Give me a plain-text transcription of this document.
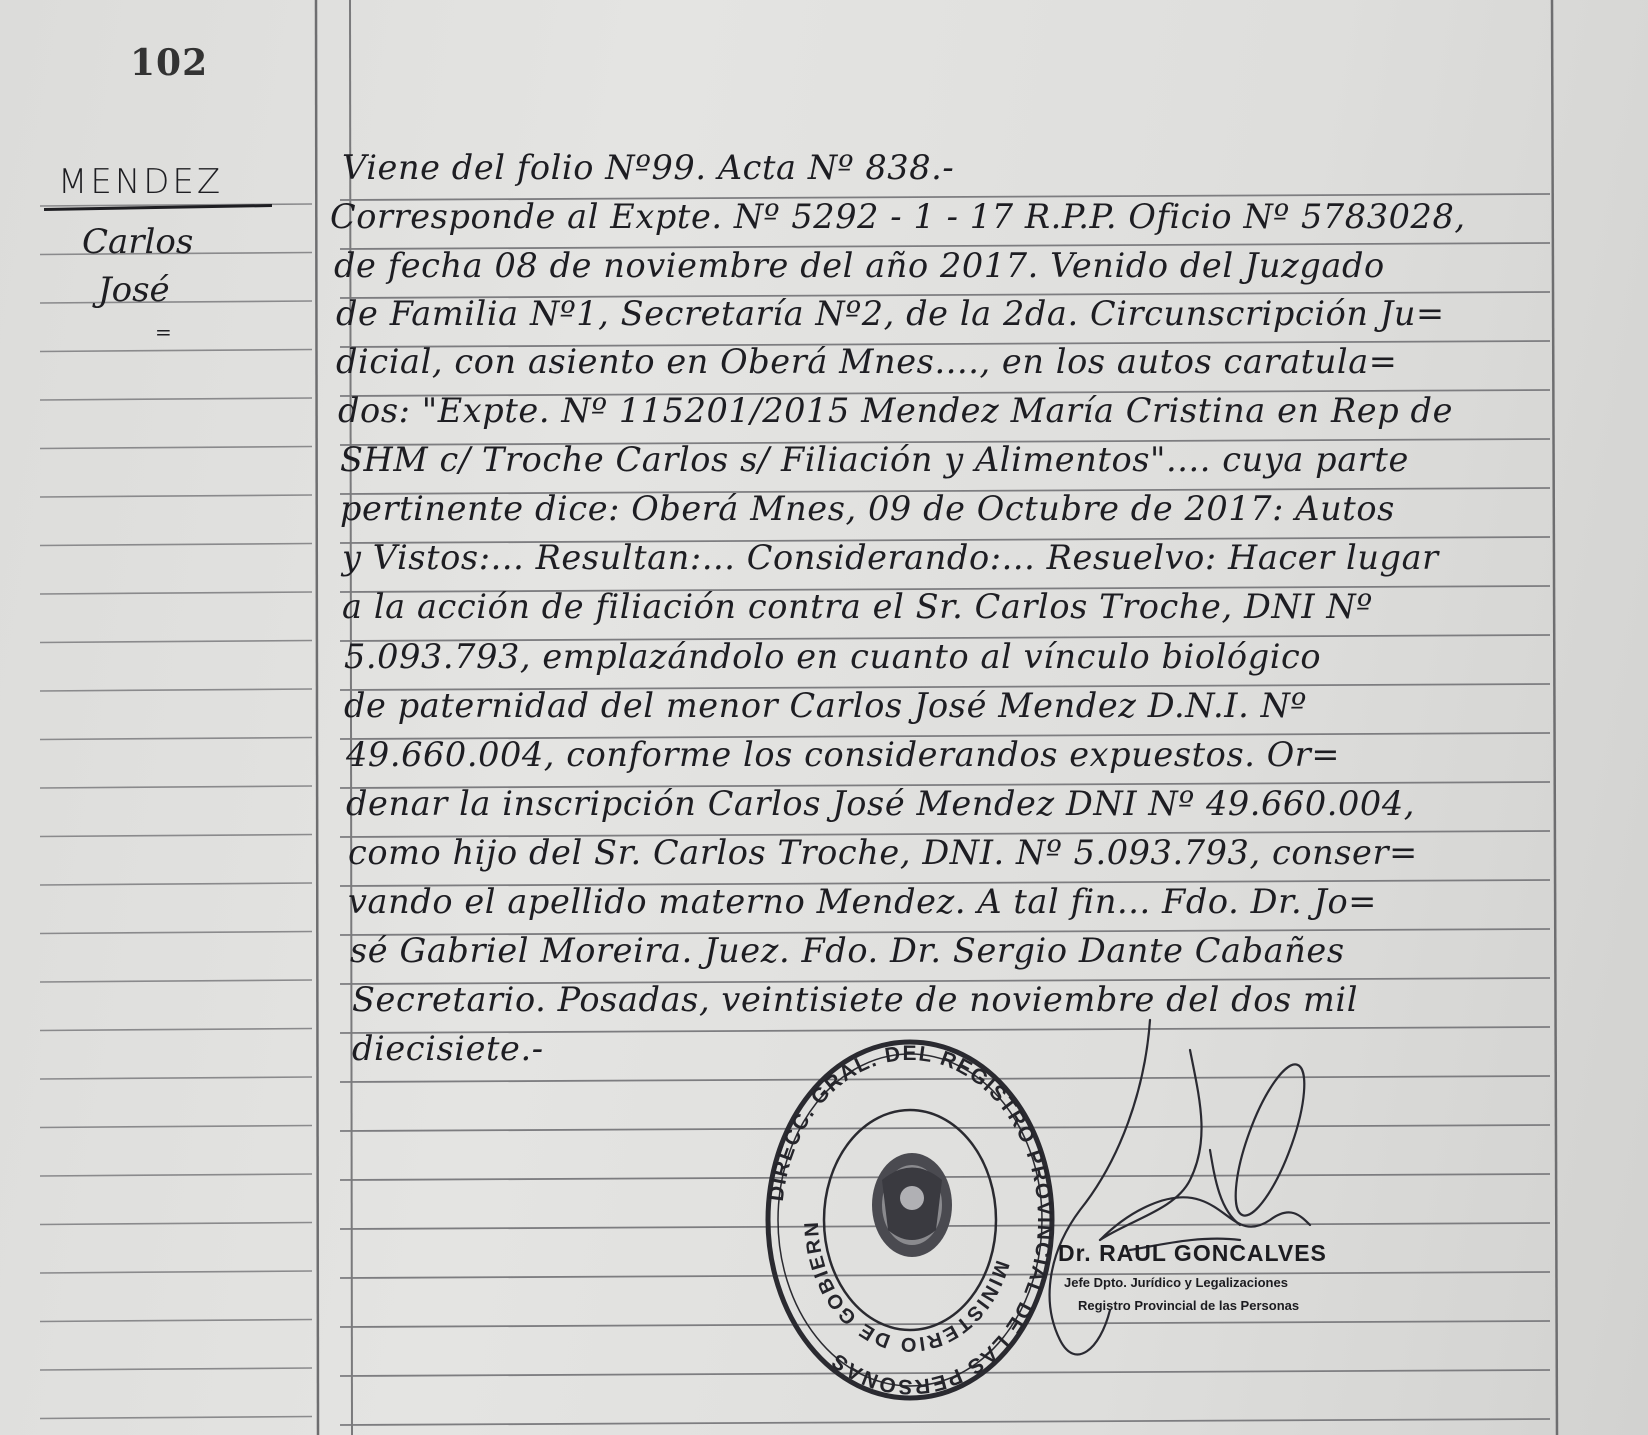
102
MENDEZ
Carlos
José
=
Viene del folio Nº99. Acta Nº 838.-
Corresponde al Expte. Nº 5292 - 1 - 17 R.P.P. Oficio Nº 5783028,
de fecha 08 de noviembre del año 2017. Venido del Juzgado
de Familia Nº1, Secretaría Nº2, de la 2da. Circunscripción Ju=
dicial, con asiento en Oberá Mnes...., en los autos caratula=
dos: "Expte. Nº 115201/2015 Mendez María Cristina en Rep de
SHM c/ Troche Carlos s/ Filiación y Alimentos".... cuya parte
pertinente dice: Oberá Mnes, 09 de Octubre de 2017: Autos
y Vistos:... Resultan:... Considerando:... Resuelvo: Hacer lugar
a la acción de filiación contra el Sr. Carlos Troche, DNI Nº
5.093.793, emplazándolo en cuanto al vínculo biológico
de paternidad del menor Carlos José Mendez D.N.I. Nº
49.660.004, conforme los considerandos expuestos. Or=
denar la inscripción Carlos José Mendez DNI Nº 49.660.004,
como hijo del Sr. Carlos Troche, DNI. Nº 5.093.793, conser=
vando el apellido materno Mendez. A tal fin... Fdo. Dr. Jo=
sé Gabriel Moreira. Juez. Fdo. Dr. Sergio Dante Cabañes
Secretario. Posadas, veintisiete de noviembre del dos mil
diecisiete.-
DIRECC. GRAL. DEL REGISTRO PROVINCIAL DE LAS PERSONAS
MINISTERIO DE GOBIERN
Dr. RAUL GONCALVES
Jefe Dpto. Jurídico y Legalizaciones
Registro Provincial de las Personas
